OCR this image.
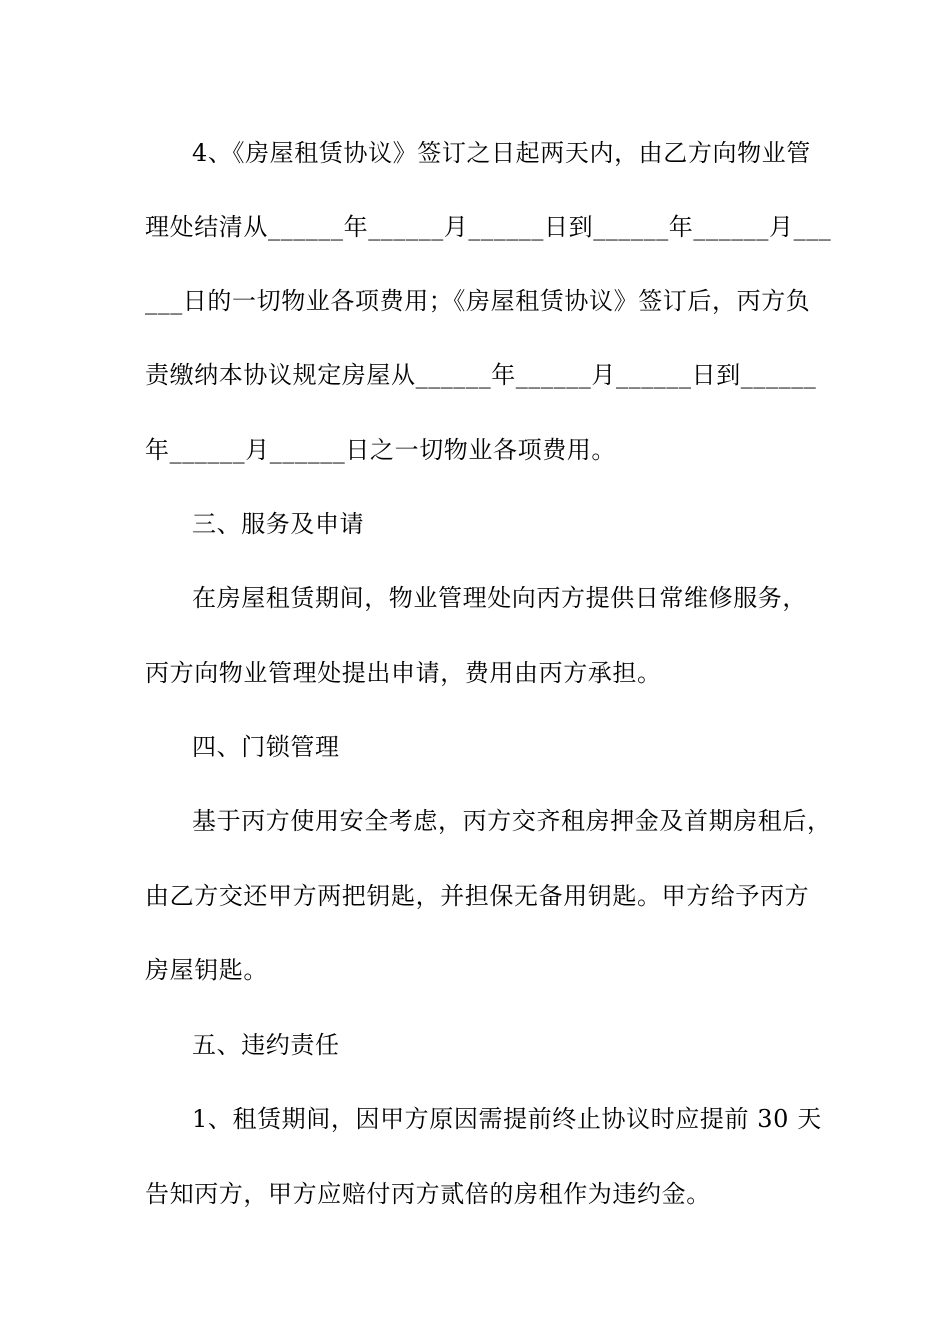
4、《房屋租赁协议》签订之日起两天内，由乙方向物业管
理处结清从______年______月______日到______年______月___
___日的一切物业各项费用；《房屋租赁协议》签订后，丙方负
责缴纳本协议规定房屋从______年______月______日到______
年______月______日之一切物业各项费用。
三、服务及申请
在房屋租赁期间，物业管理处向丙方提供日常维修服务，
丙方向物业管理处提出申请，费用由丙方承担。
四、门锁管理
基于丙方使用安全考虑，丙方交齐租房押金及首期房租后，
由乙方交还甲方两把钥匙，并担保无备用钥匙。甲方给予丙方
房屋钥匙。
五、违约责任
1、租赁期间，因甲方原因需提前终止协议时应提前 30 天
告知丙方，甲方应赔付丙方贰倍的房租作为违约金。
